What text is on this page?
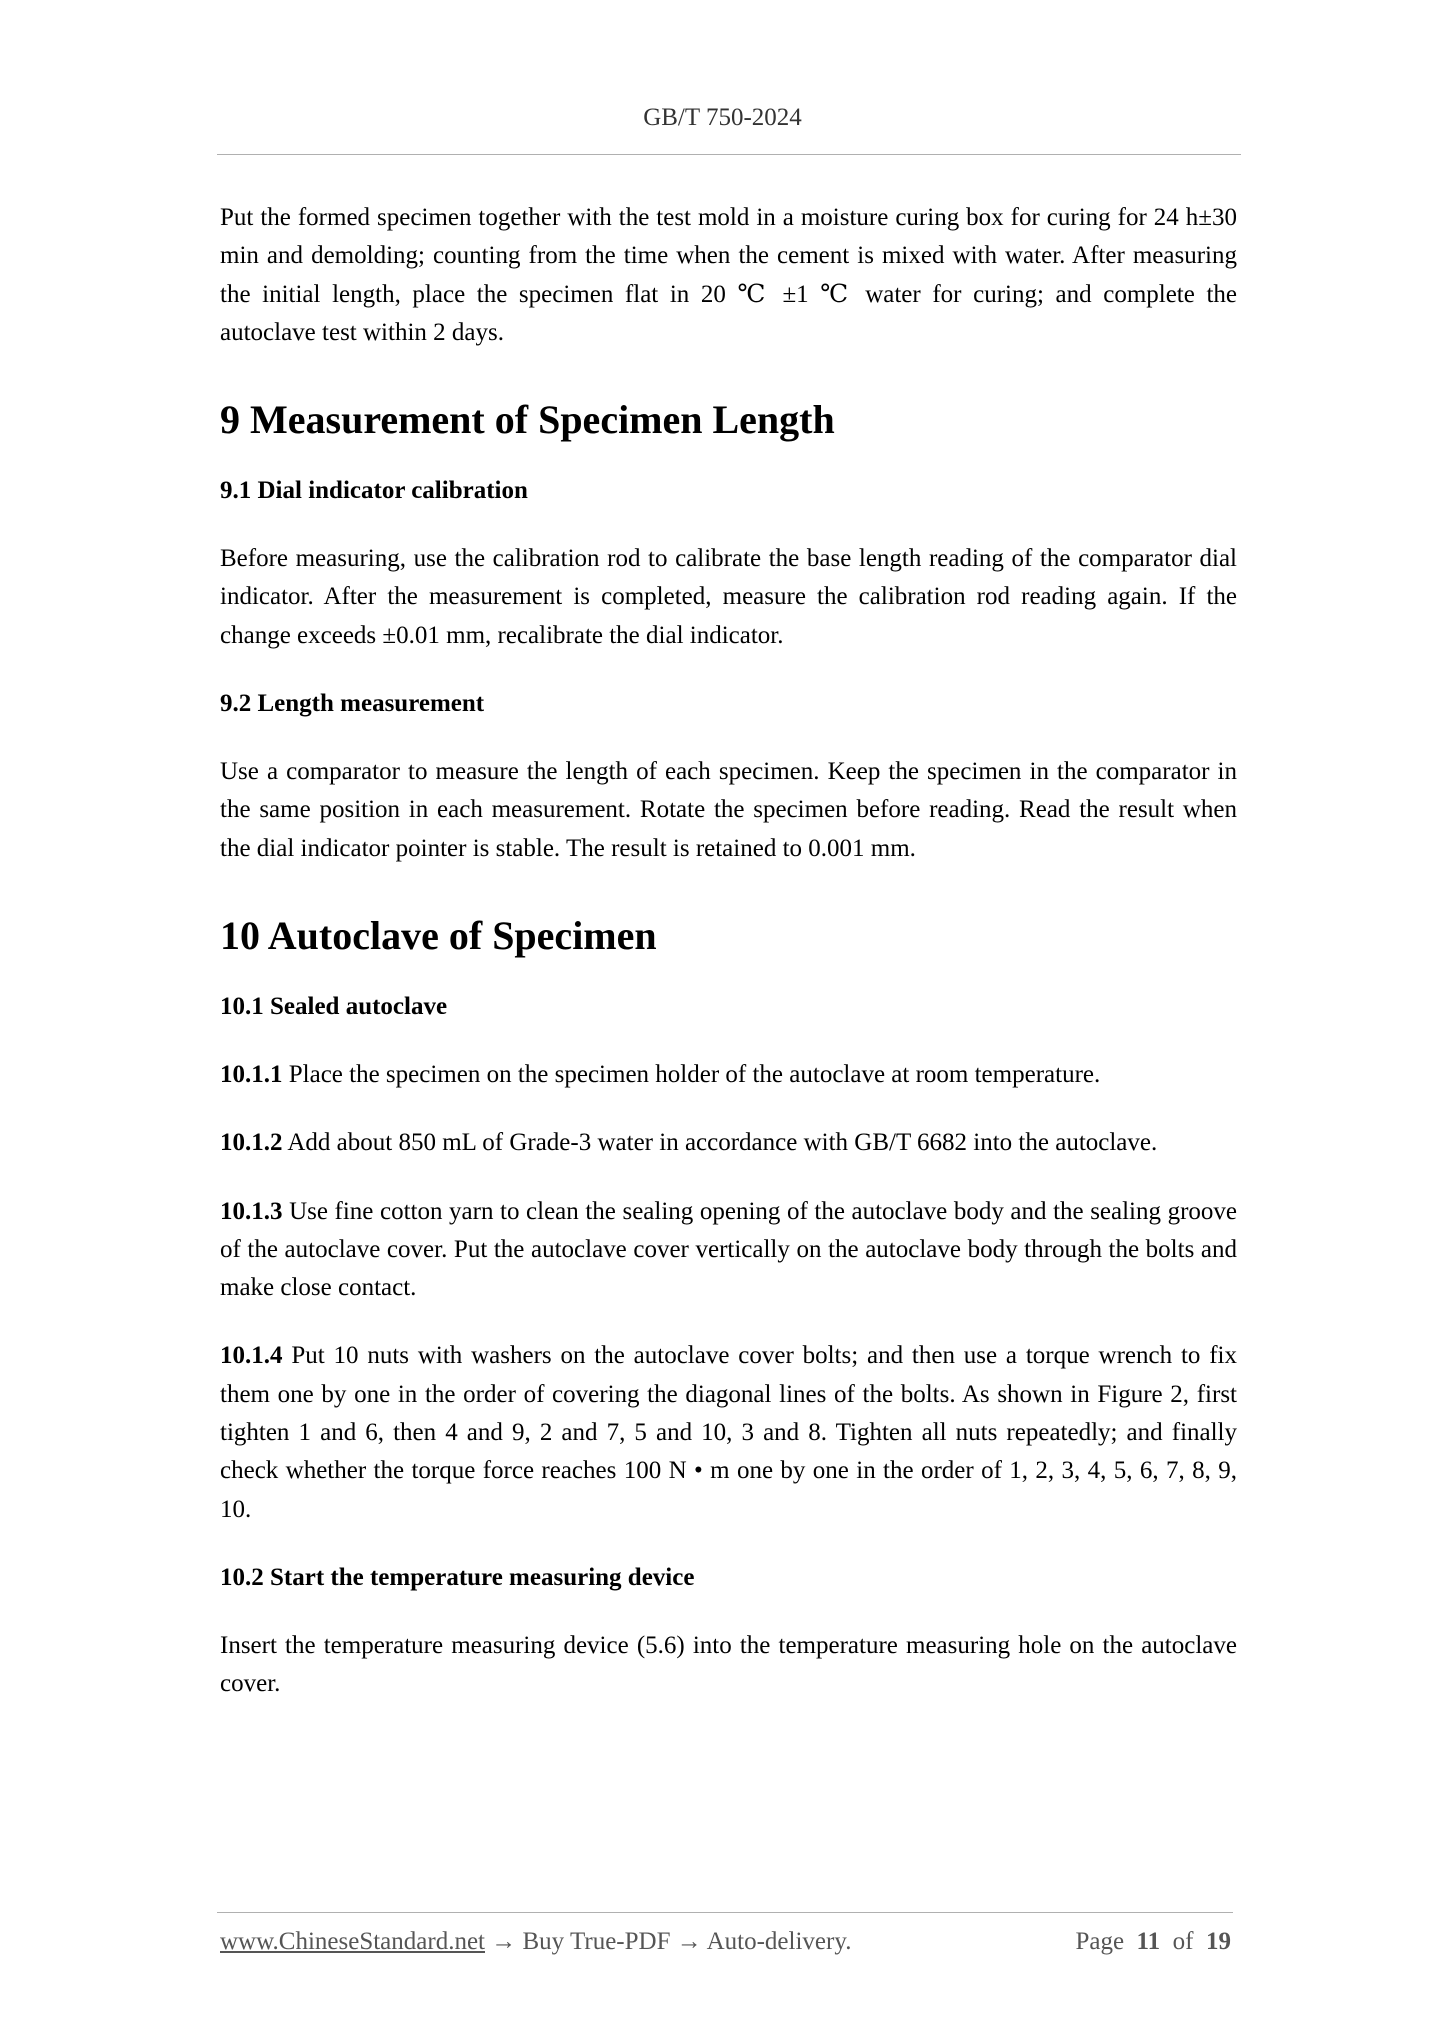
GB/T 750-2024

Put the formed specimen together with the test mold in a moisture curing box for curing for 24 h±30 min and demolding; counting from the time when the cement is mixed with water. After measuring the initial length, place the specimen flat in 20 ℃ ±1 ℃ water for curing; and complete the autoclave test within 2 days.

9 Measurement of Specimen Length
9.1 Dial indicator calibration

Before measuring, use the calibration rod to calibrate the base length reading of the comparator dial indicator. After the measurement is completed, measure the calibration rod reading again. If the change exceeds ±0.01 mm, recalibrate the dial indicator.

9.2 Length measurement

Use a comparator to measure the length of each specimen. Keep the specimen in the comparator in the same position in each measurement. Rotate the specimen before reading. Read the result when the dial indicator pointer is stable. The result is retained to 0.001 mm.

10 Autoclave of Specimen
10.1 Sealed autoclave

10.1.1 Place the specimen on the specimen holder of the autoclave at room temperature.

10.1.2 Add about 850 mL of Grade-3 water in accordance with GB/T 6682 into the autoclave.

10.1.3 Use fine cotton yarn to clean the sealing opening of the autoclave body and the sealing groove of the autoclave cover. Put the autoclave cover vertically on the autoclave body through the bolts and make close contact.

10.1.4 Put 10 nuts with washers on the autoclave cover bolts; and then use a torque wrench to fix them one by one in the order of covering the diagonal lines of the bolts. As shown in Figure 2, first tighten 1 and 6, then 4 and 9, 2 and 7, 5 and 10, 3 and 8. Tighten all nuts repeatedly; and finally check whether the torque force reaches 100 N • m one by one in the order of 1, 2, 3, 4, 5, 6, 7, 8, 9, 10.

10.2 Start the temperature measuring device

Insert the temperature measuring device (5.6) into the temperature measuring hole on the autoclave cover.

www.ChineseStandard.net → Buy True-PDF → Auto-delivery.	Page 11 of 19
